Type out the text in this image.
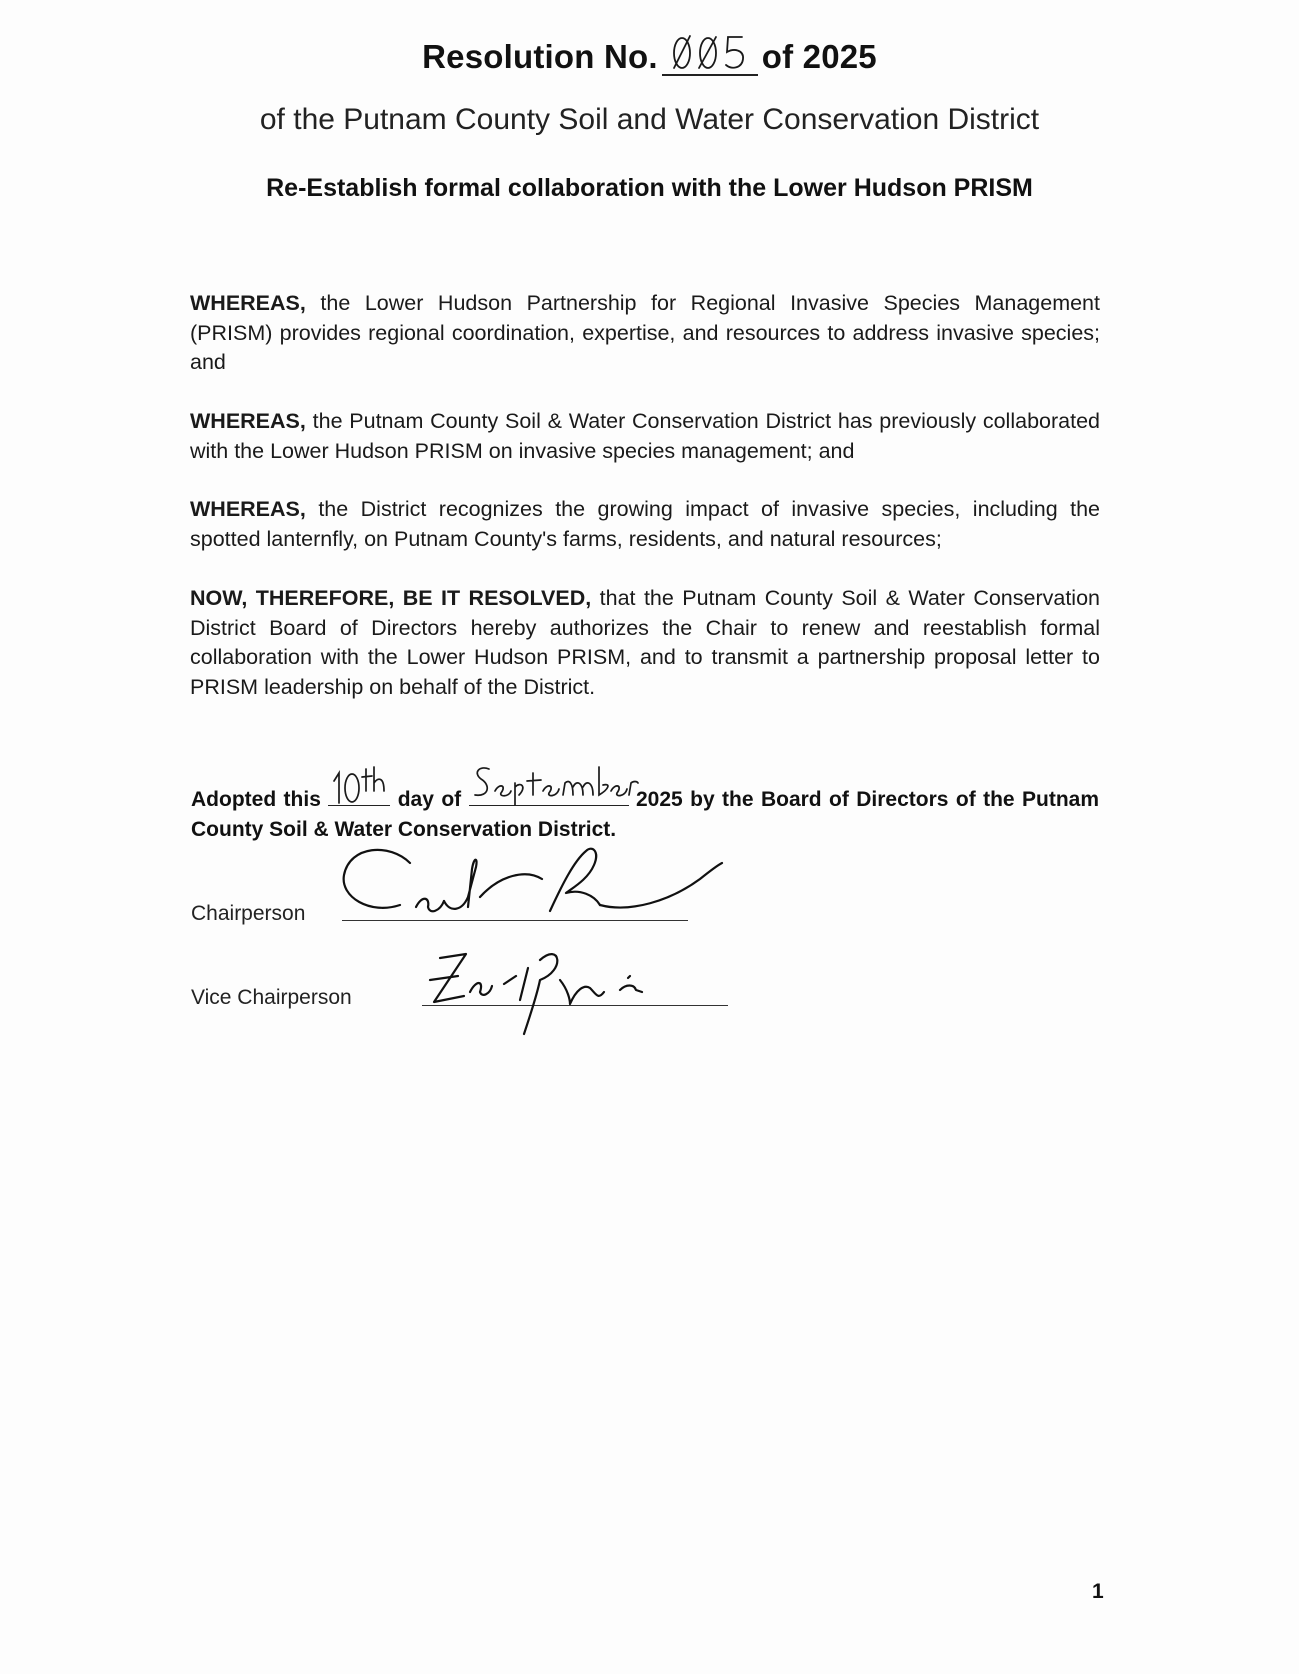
Resolution No.	of 2025
of the Putnam County Soil and Water Conservation District
Re-Establish formal collaboration with the Lower Hudson PRISM
WHEREAS, the Lower Hudson Partnership for Regional Invasive Species Management (PRISM) provides regional coordination, expertise, and resources to address invasive species; and
WHEREAS, the Putnam County Soil & Water Conservation District has previously collaborated with the Lower Hudson PRISM on invasive species management; and
WHEREAS, the District recognizes the growing impact of invasive species, including the spotted lanternfly, on Putnam County's farms, residents, and natural resources;
NOW, THEREFORE, BE IT RESOLVED, that the Putnam County Soil & Water Conservation District Board of Directors hereby authorizes the Chair to renew and reestablish formal collaboration with the Lower Hudson PRISM, and to transmit a partnership proposal letter to PRISM leadership on behalf of the District.
Adopted this	day of	2025 by the Board of Directors of the Putnam County Soil & Water Conservation District.
Chairperson
Vice Chairperson
1
